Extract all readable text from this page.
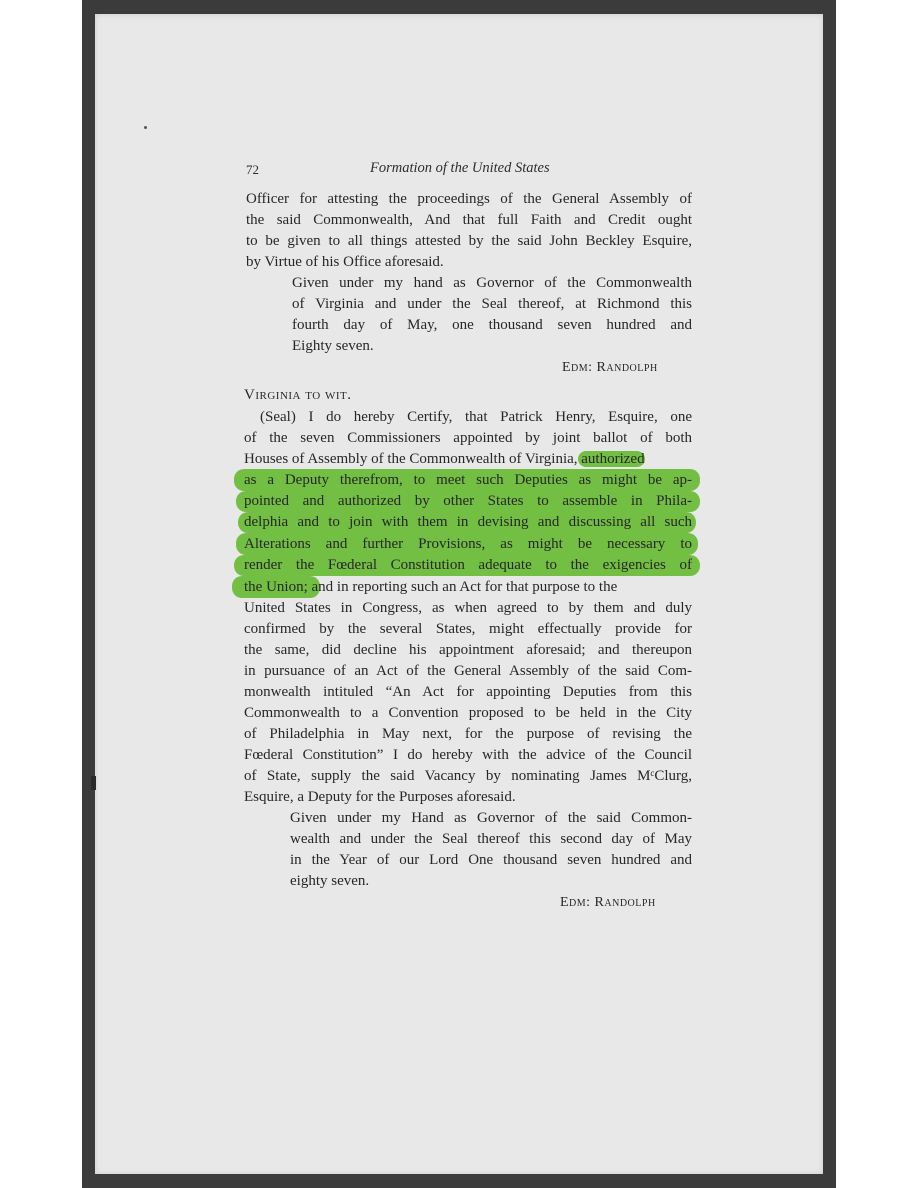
72	Formation of the United States
Officer for attesting the proceedings of the General Assembly of
the said Commonwealth, And that full Faith and Credit ought
to be given to all things attested by the said John Beckley Esquire,
by Virtue of his Office aforesaid.
Given under my hand as Governor of the Commonwealth
of Virginia and under the Seal thereof, at Richmond this
fourth day of May, one thousand seven hundred and
Eighty seven.
Edm: Randolph
Virginia to wit.
(Seal) I do hereby Certify, that Patrick Henry, Esquire, one
of the seven Commissioners appointed by joint ballot of both
Houses of Assembly of the Commonwealth of Virginia, authorized
as a Deputy therefrom, to meet such Deputies as might be ap-
pointed and authorized by other States to assemble in Phila-
delphia and to join with them in devising and discussing all such
Alterations and further Provisions, as might be necessary to
render the Fœderal Constitution adequate to the exigencies of
the Union; and in reporting such an Act for that purpose to the
United States in Congress, as when agreed to by them and duly
confirmed by the several States, might effectually provide for
the same, did decline his appointment aforesaid; and thereupon
in pursuance of an Act of the General Assembly of the said Com-
monwealth intituled “An Act for appointing Deputies from this
Commonwealth to a Convention proposed to be held in the City
of Philadelphia in May next, for the purpose of revising the
Fœderal Constitution” I do hereby with the advice of the Council
of State, supply the said Vacancy by nominating James MᶜClurg,
Esquire, a Deputy for the Purposes aforesaid.
Given under my Hand as Governor of the said Common-
wealth and under the Seal thereof this second day of May
in the Year of our Lord One thousand seven hundred and
eighty seven.
Edm: Randolph
